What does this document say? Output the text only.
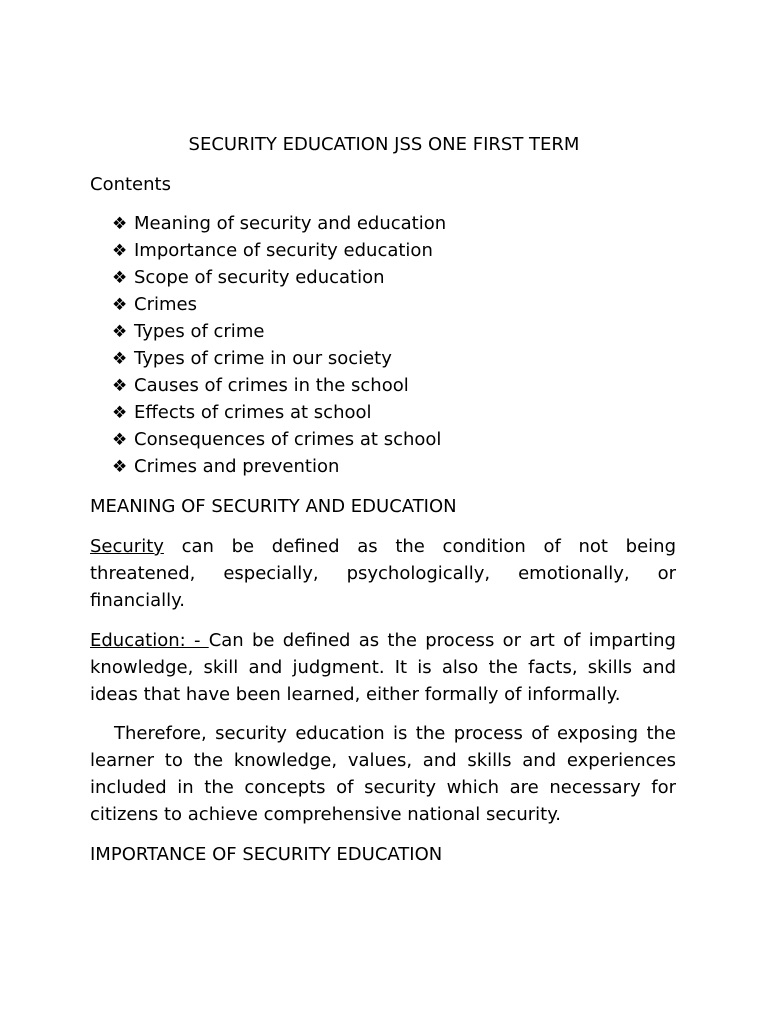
SECURITY EDUCATION JSS ONE FIRST TERM
Contents
❖ Meaning of security and education
❖ Importance of security education
❖ Scope of security education
❖ Crimes
❖ Types of crime
❖ Types of crime in our society
❖ Causes of crimes in the school
❖ Effects of crimes at school
❖ Consequences of crimes at school
❖ Crimes and prevention
MEANING OF SECURITY AND EDUCATION

Security can be defined as the condition of not being threatened, especially, psychologically, emotionally, or financially.

Education: - Can be defined as the process or art of imparting knowledge, skill and judgment. It is also the facts, skills and ideas that have been learned, either formally of informally.

Therefore, security education is the process of exposing the learner to the knowledge, values, and skills and experiences included in the concepts of security which are necessary for citizens to achieve comprehensive national security.

IMPORTANCE OF SECURITY EDUCATION
